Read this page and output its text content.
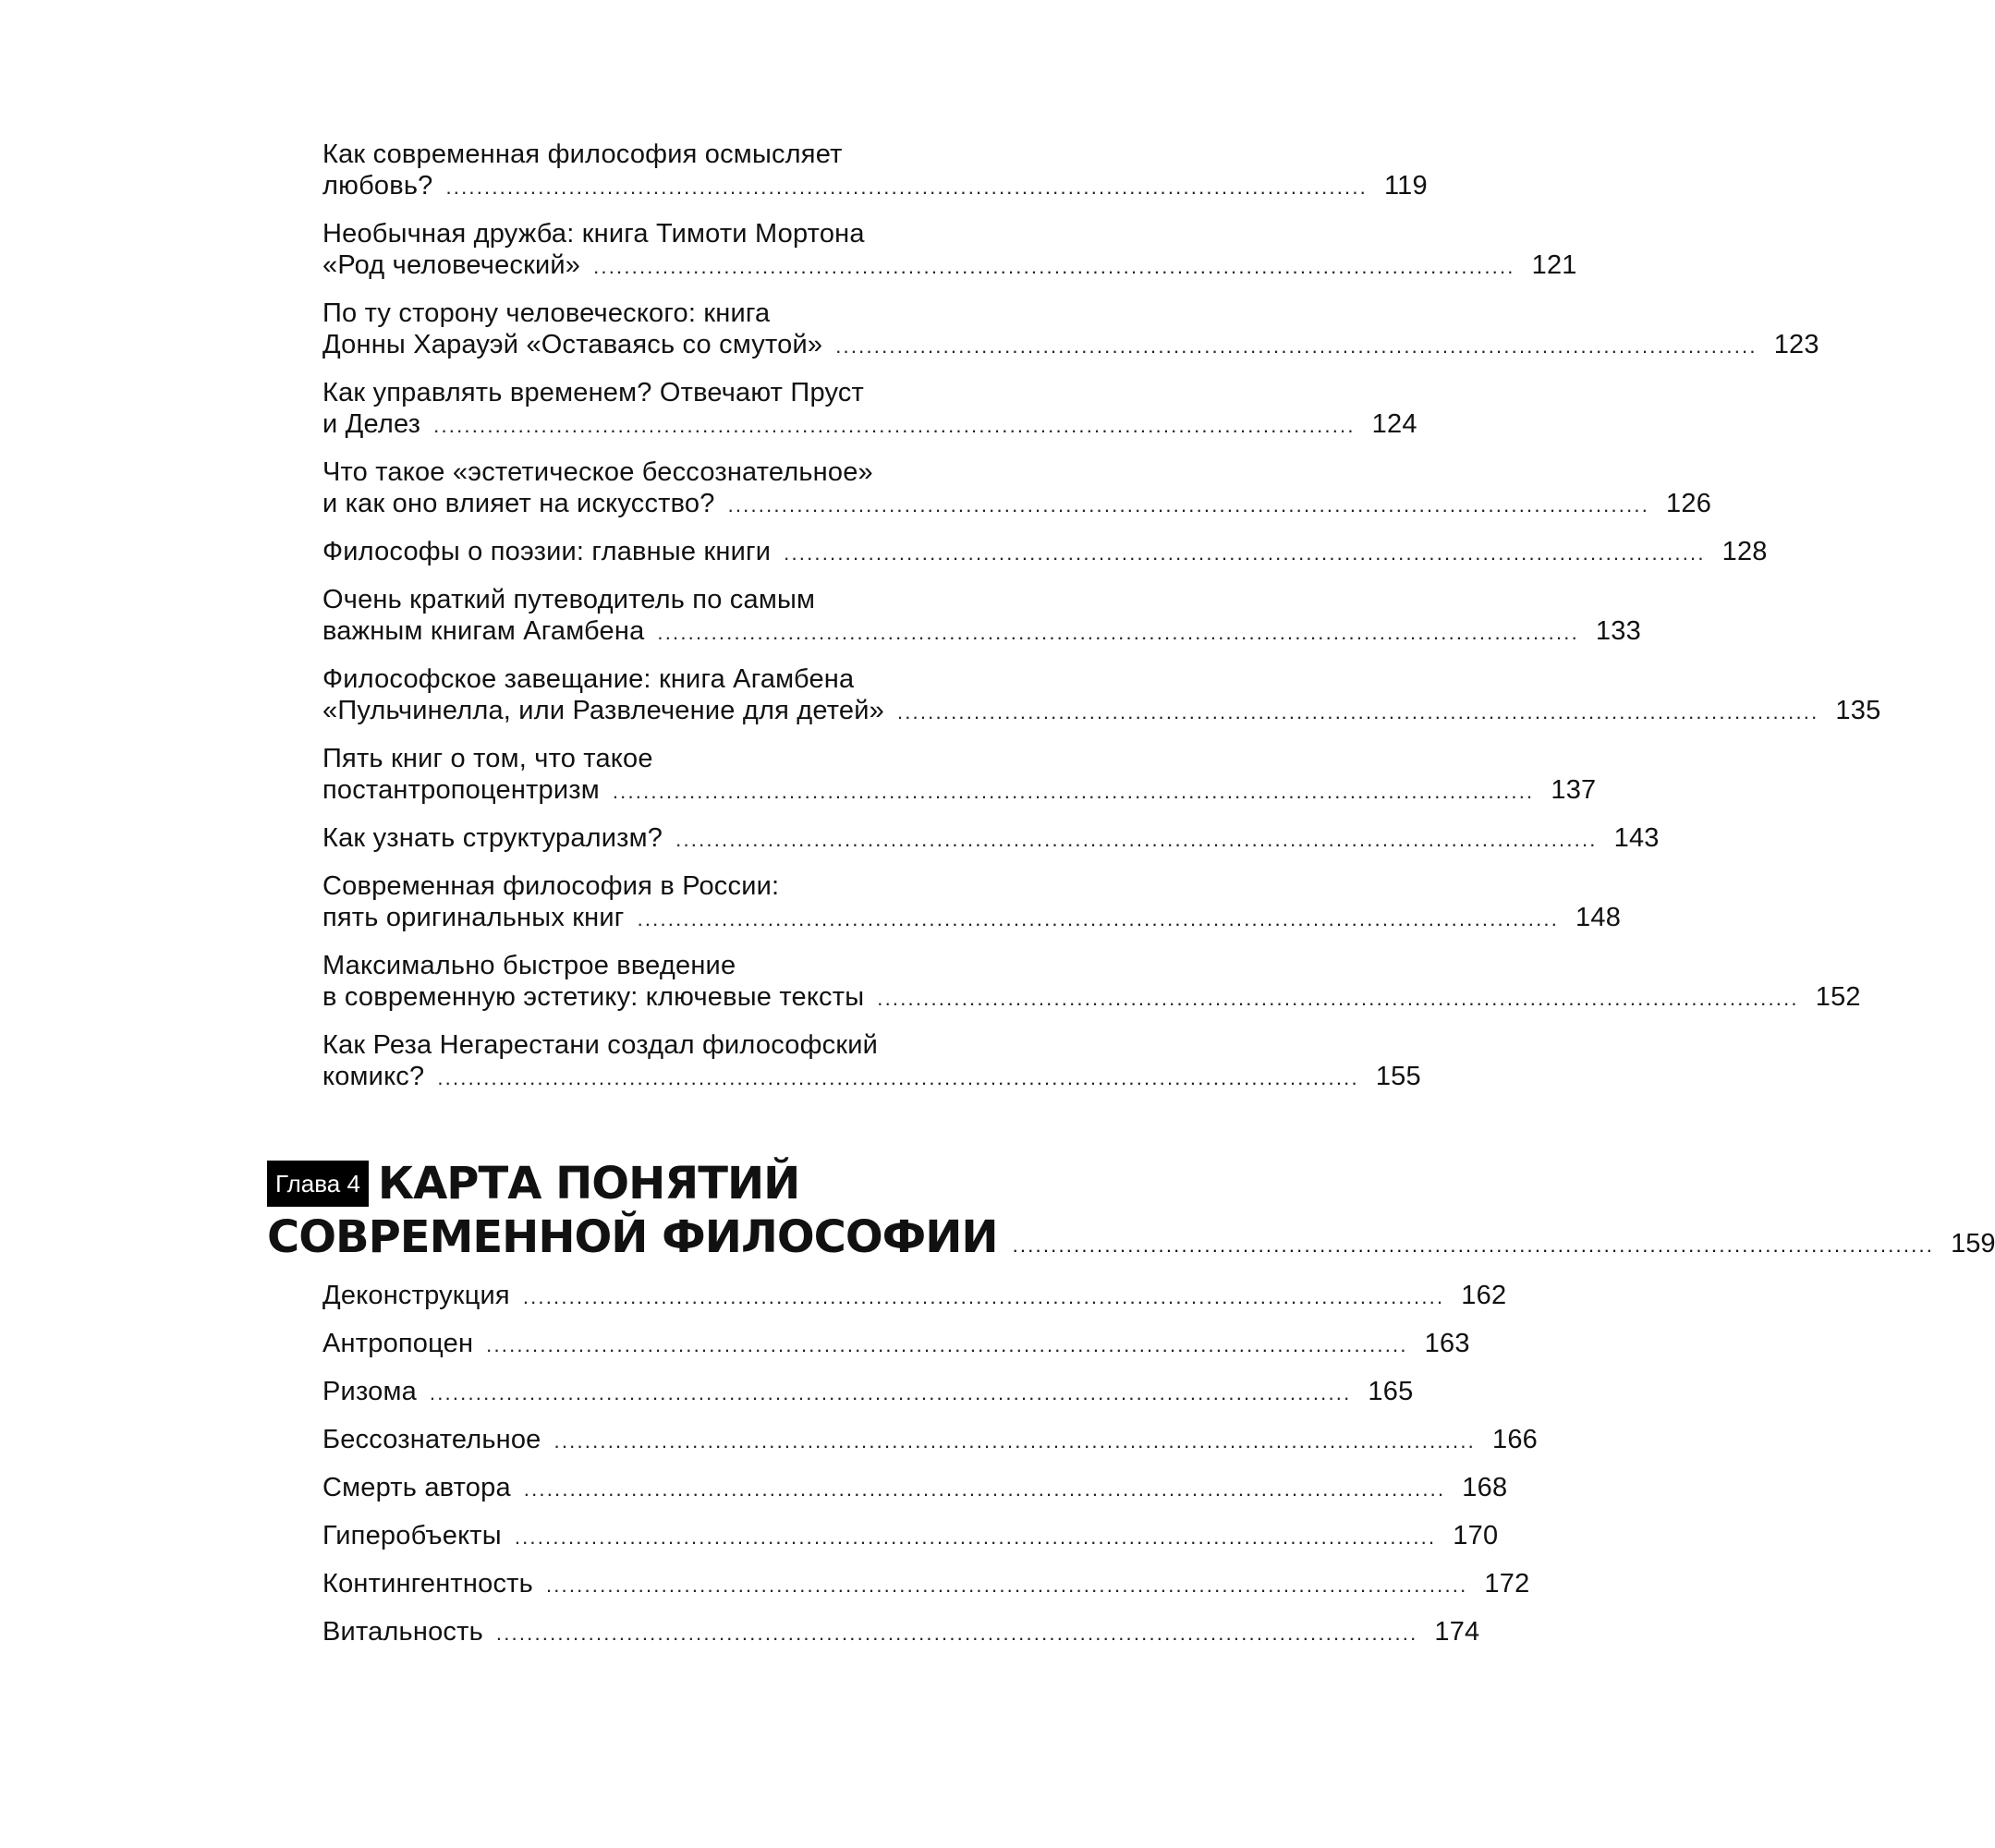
Как современная философия осмысляет
любовь? ........................................................................................................................ 119
Необычная дружба: книга Тимоти Мортона
«Род человеческий» ........................................................................................................................ 121
По ту сторону человеческого: книга
Донны Харауэй «Оставаясь со смутой» ........................................................................................................................ 123
Как управлять временем? Отвечают Пруст
и Делез ........................................................................................................................ 124
Что такое «эстетическое бессознательное»
и как оно влияет на искусство? ........................................................................................................................ 126
Философы о поэзии: главные книги ........................................................................................................................ 128
Очень краткий путеводитель по самым
важным книгам Агамбена ........................................................................................................................ 133
Философское завещание: книга Агамбена
«Пульчинелла, или Развлечение для детей» ........................................................................................................................ 135
Пять книг о том, что такое
постантропоцентризм ........................................................................................................................ 137
Как узнать структурализм? ........................................................................................................................ 143
Современная философия в России:
пять оригинальных книг ........................................................................................................................ 148
Максимально быстрое введение
в современную эстетику: ключевые тексты ........................................................................................................................ 152
Как Реза Негарестани создал философский
комикс? ........................................................................................................................ 155
Глава 4 КАРТА ПОНЯТИЙ
СОВРЕМЕННОЙ ФИЛОСОФИИ ........................................................................................................................ 159
Деконструкция ........................................................................................................................ 162
Антропоцен ........................................................................................................................ 163
Ризома ........................................................................................................................ 165
Бессознательное ........................................................................................................................ 166
Смерть автора ........................................................................................................................ 168
Гиперобъекты ........................................................................................................................ 170
Контингентность ........................................................................................................................ 172
Витальность ........................................................................................................................ 174
